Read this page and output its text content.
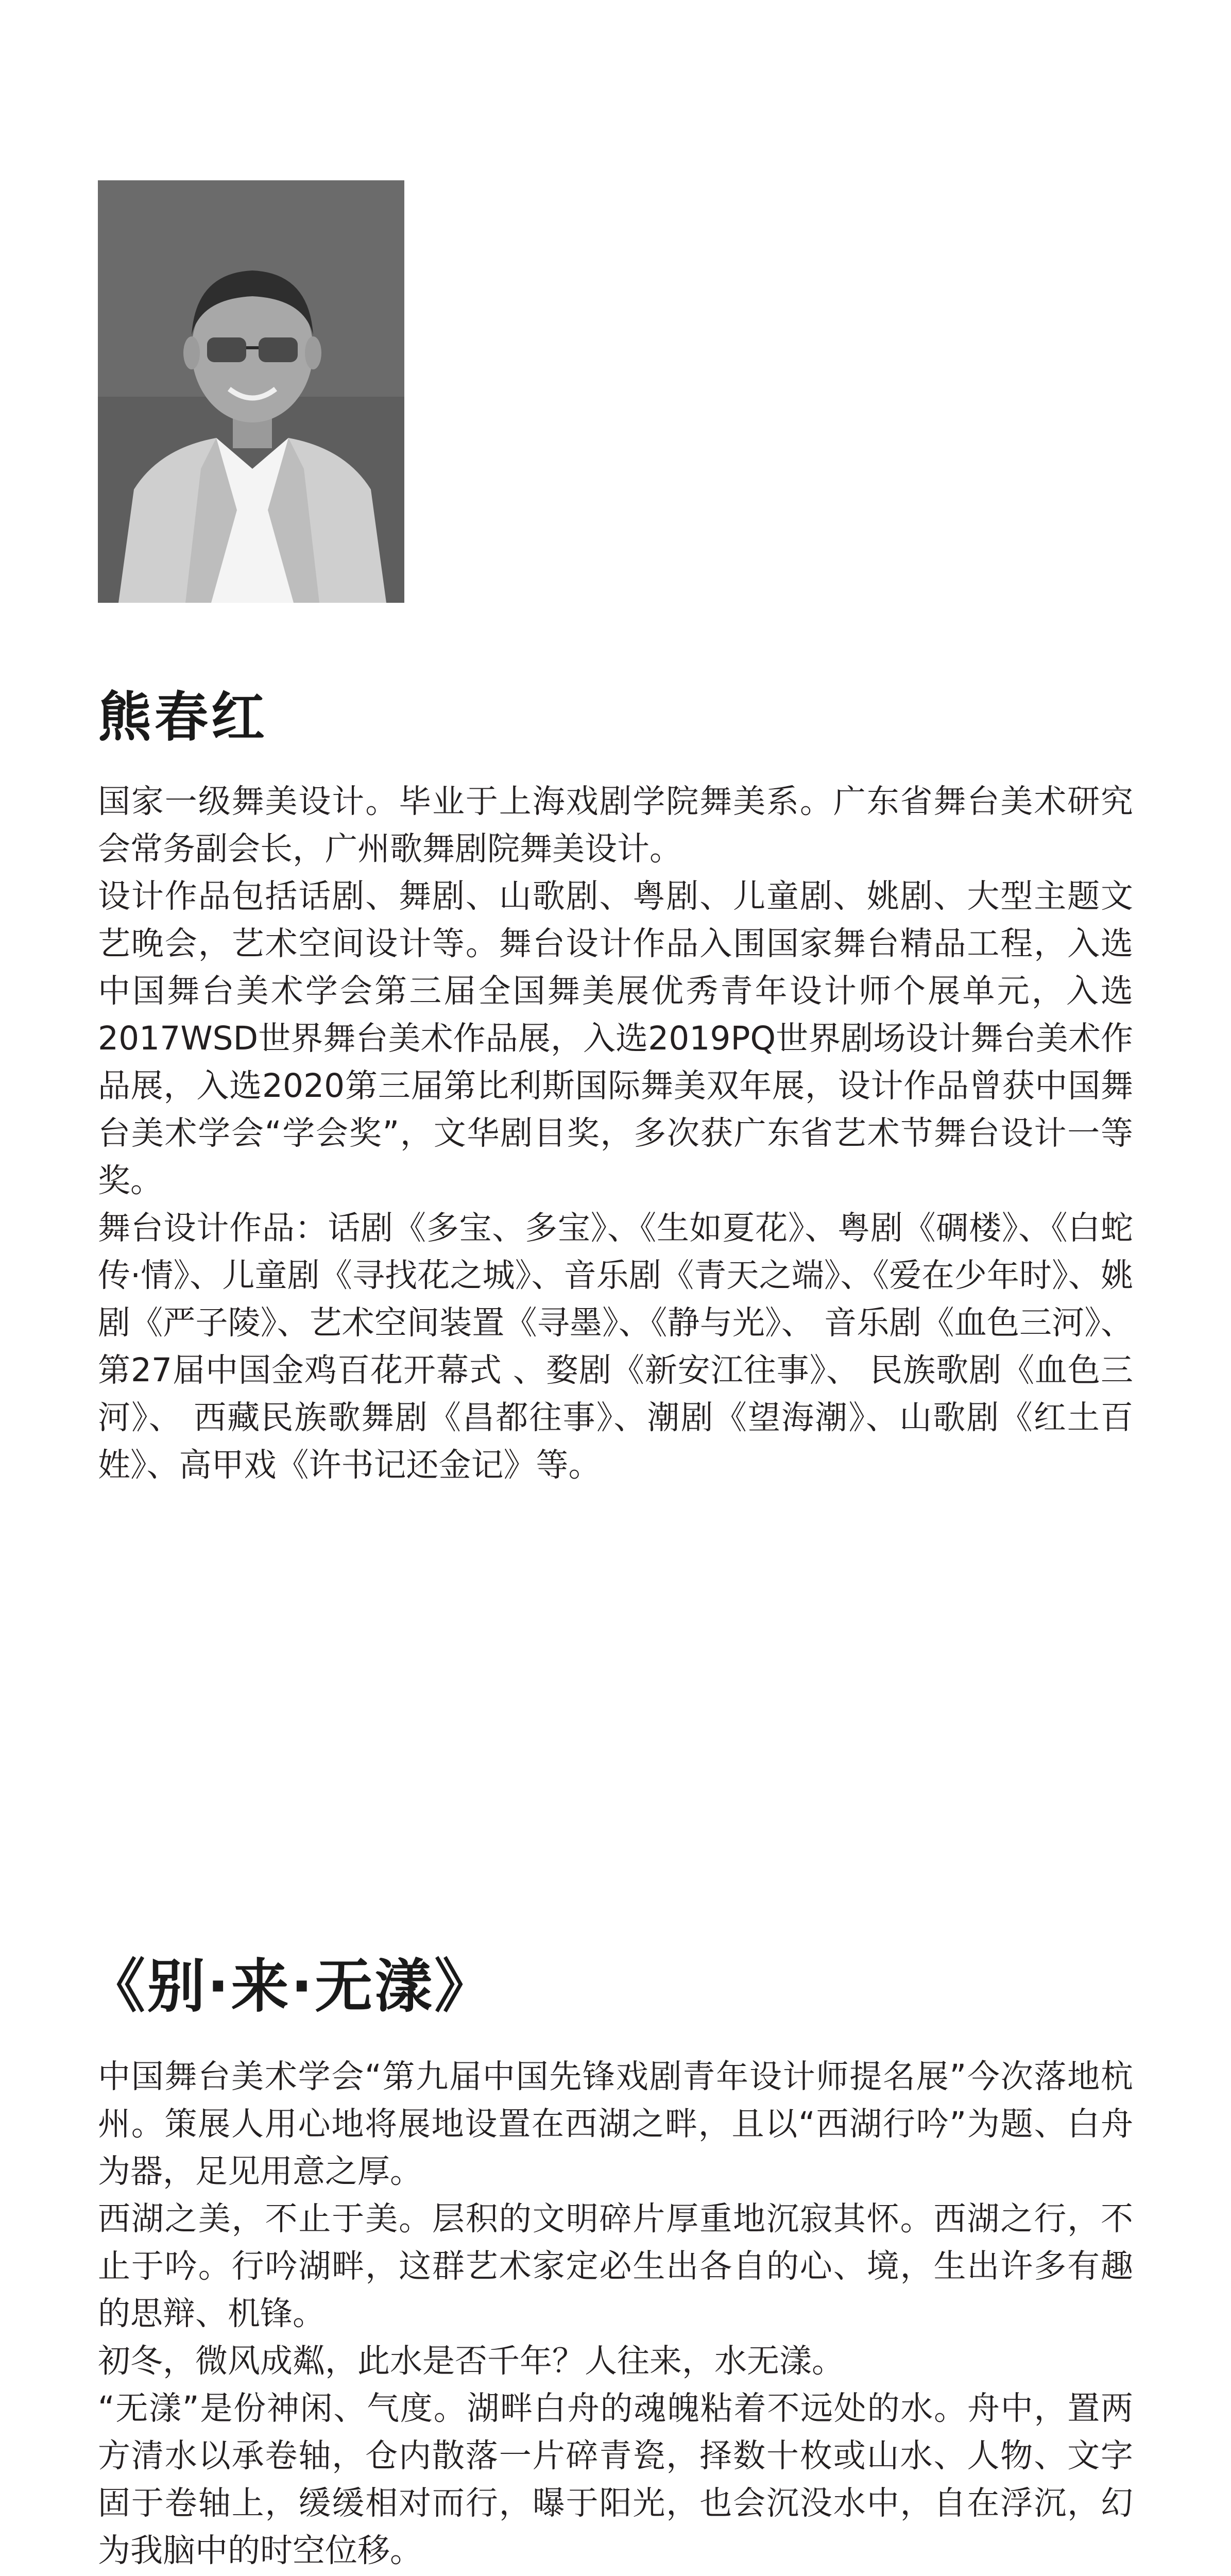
熊春红

国家一级舞美设计。毕业于上海戏剧学院舞美系。广东省舞台美术研究会常务副会长，广州歌舞剧院舞美设计。

设计作品包括话剧、舞剧、山歌剧、粤剧、儿童剧、姚剧、大型主题文艺晚会，艺术空间设计等。舞台设计作品入围国家舞台精品工程，入选中国舞台美术学会第三届全国舞美展优秀青年设计师个展单元，入选2017WSD世界舞台美术作品展，入选2019PQ世界剧场设计舞台美术作品展，入选2020第三届第比利斯国际舞美双年展，设计作品曾获中国舞台美术学会“学会奖”，文华剧目奖，多次获广东省艺术节舞台设计一等奖。

舞台设计作品：话剧《多宝、多宝》、《生如夏花》、粤剧《碉楼》、《白蛇传·情》、儿童剧《寻找花之城》、音乐剧《青天之端》、《爱在少年时》、姚剧《严子陵》、艺术空间装置《寻墨》、《静与光》、 音乐剧《血色三河》、第27届中国金鸡百花开幕式 、婺剧《新安江往事》、 民族歌剧《血色三河》、 西藏民族歌舞剧《昌都往事》、潮剧《望海潮》、山歌剧《红土百姓》、高甲戏《许书记还金记》等。

《别·来·无漾》

中国舞台美术学会“第九届中国先锋戏剧青年设计师提名展”今次落地杭州。策展人用心地将展地设置在西湖之畔，且以“西湖行吟”为题、白舟为器，足见用意之厚。

西湖之美，不止于美。层积的文明碎片厚重地沉寂其怀。西湖之行，不止于吟。行吟湖畔，这群艺术家定必生出各自的心、境，生出许多有趣的思辩、机锋。

初冬，微风成粼，此水是否千年？人往来，水无漾。

“无漾”是份神闲、气度。湖畔白舟的魂魄粘着不远处的水。舟中，置两方清水以承卷轴，仓内散落一片碎青瓷，择数十枚或山水、人物、文字固于卷轴上，缓缓相对而行，曝于阳光，也会沉没水中，自在浮沉，幻为我脑中的时空位移。
